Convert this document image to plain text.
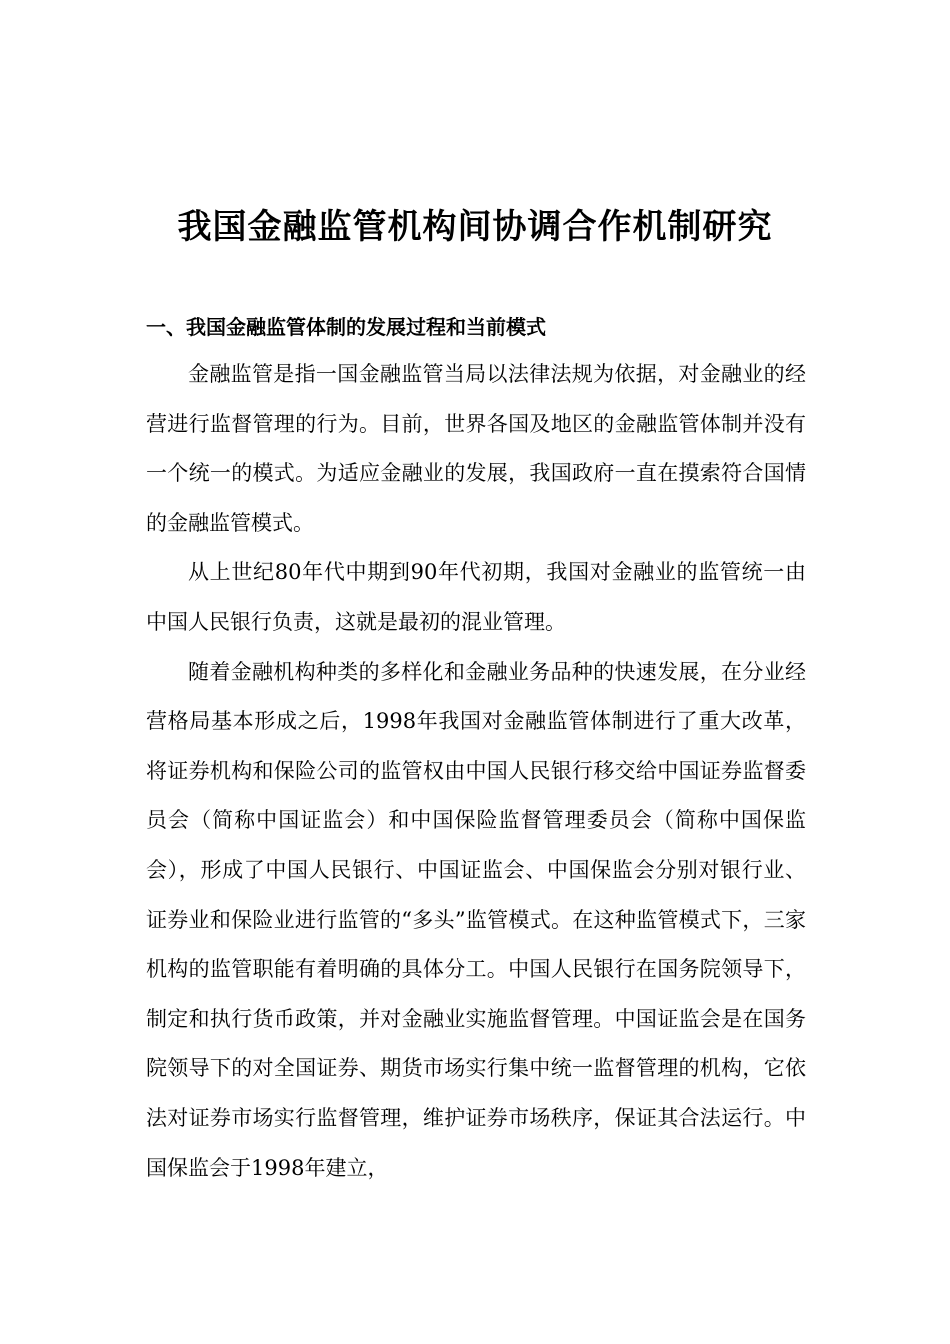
我国金融监管机构间协调合作机制研究
一、我国金融监管体制的发展过程和当前模式

金融监管是指一国金融监管当局以法律法规为依据，对金融业的经营进行监督管理的行为。目前，世界各国及地区的金融监管体制并没有一个统一的模式。为适应金融业的发展，我国政府一直在摸索符合国情的金融监管模式。

从上世纪80年代中期到90年代初期，我国对金融业的监管统一由中国人民银行负责，这就是最初的混业管理。

随着金融机构种类的多样化和金融业务品种的快速发展，在分业经营格局基本形成之后，1998年我国对金融监管体制进行了重大改革，将证券机构和保险公司的监管权由中国人民银行移交给中国证券监督委员会（简称中国证监会）和中国保险监督管理委员会（简称中国保监会），形成了中国人民银行、中国证监会、中国保监会分别对银行业、证券业和保险业进行监管的“多头”监管模式。在这种监管模式下，三家机构的监管职能有着明确的具体分工。中国人民银行在国务院领导下，制定和执行货币政策，并对金融业实施监督管理。中国证监会是在国务院领导下的对全国证券、期货市场实行集中统一监督管理的机构，它依法对证券市场实行监督管理，维护证券市场秩序，保证其合法运行。中国保监会于1998年建立，
